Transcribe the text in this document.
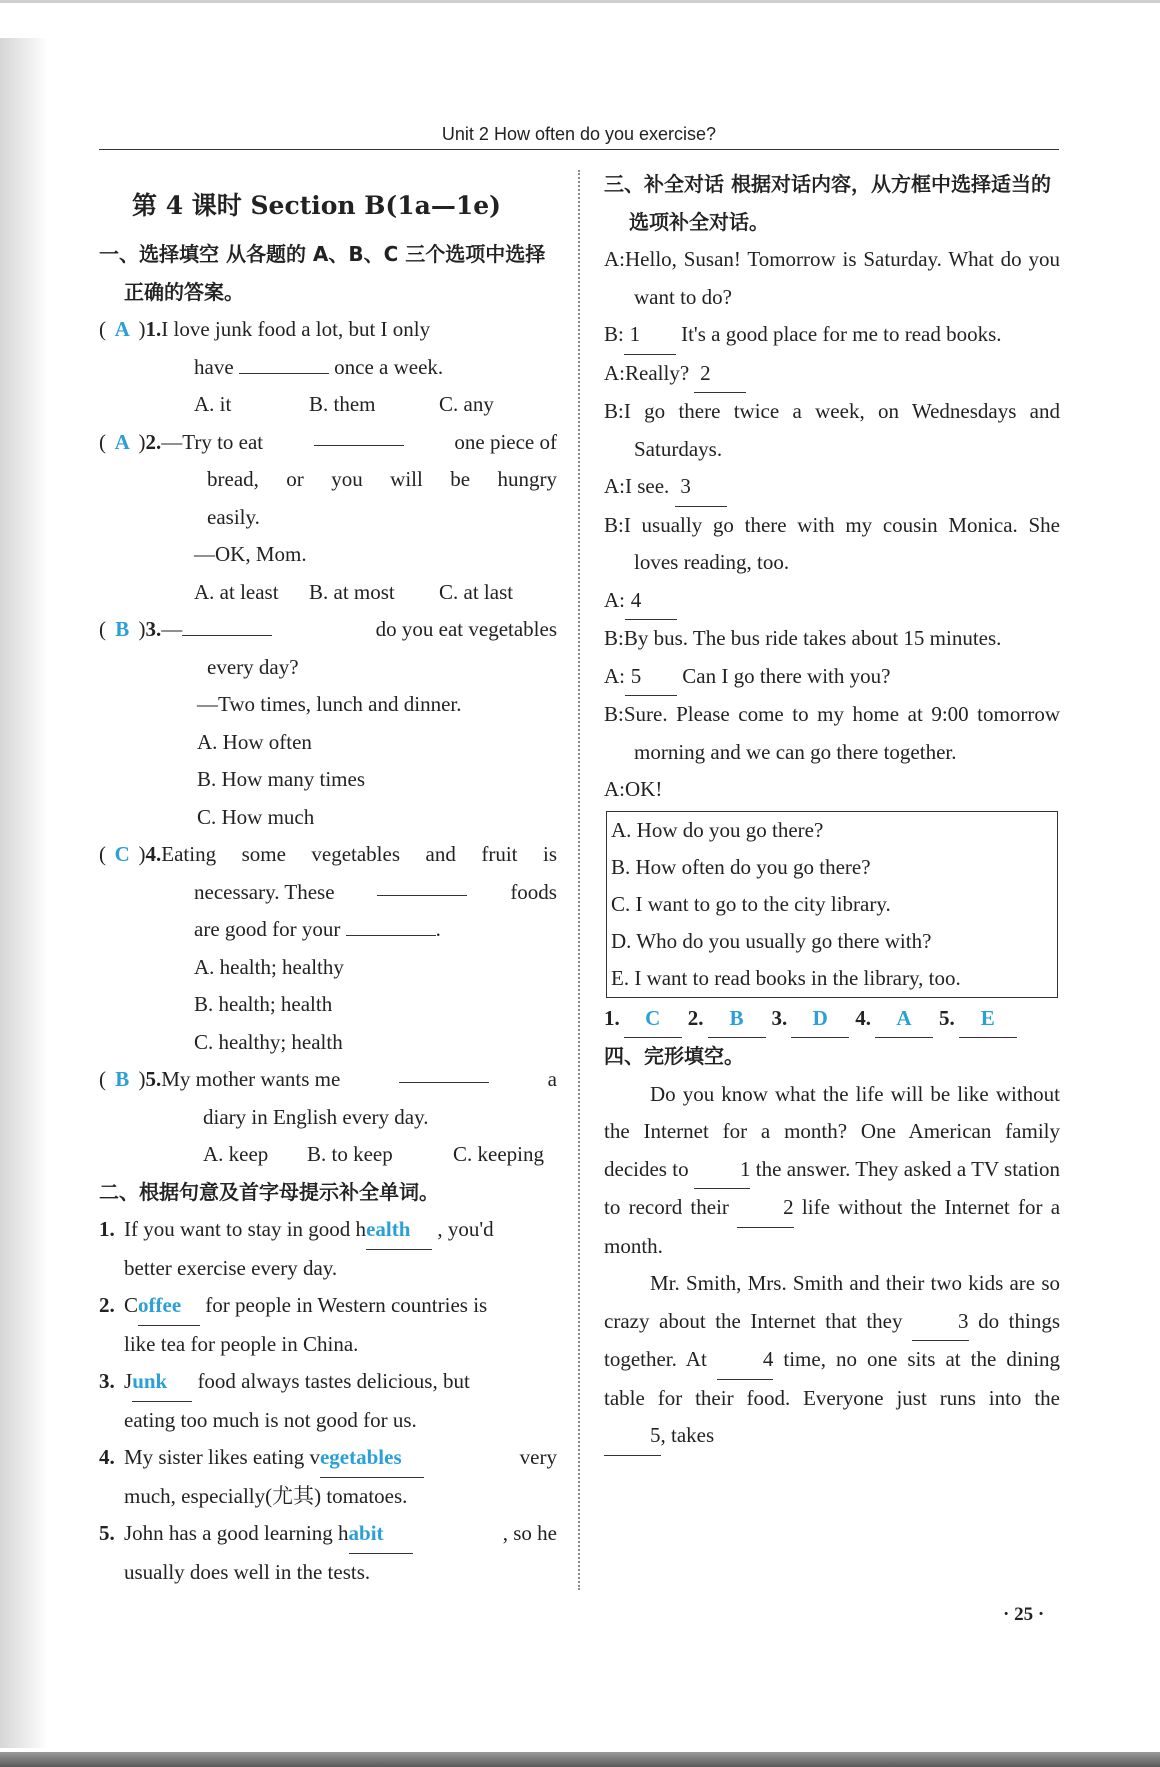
Unit 2 How often do you exercise?
第 4 课时 Section B(1a—1e)
一、选择填空 从各题的 A、B、C 三个选项中选择正确的答案。
( A )1. I love junk food a lot, but I only
have	once a week.
A. it	B. them	C. any
( A )2. —Try to eat	one piece of
bread, or you will be hungry
easily.
—OK, Mom.
A. at least	B. at most	C. at last
( B )3. —	do you eat vegetables
every day?
—Two times, lunch and dinner.
A. How often
B. How many times
C. How much
( C )4. Eating some vegetables and fruit is
necessary. These	foods
are good for your	.
A. health; healthy
B. health; health
C. healthy; health
( B )5. My mother wants me	a
diary in English every day.
A. keep	B. to keep	C. keeping
二、根据句意及首字母提示补全单词。
1. If you want to stay in good health , you'd
better exercise every day.
2. Coffee for people in Western countries is
like tea for people in China.
3. Junk food always tastes delicious, but
eating too much is not good for us.
4. My sister likes eating vegetables	very
much, especially(尤其) tomatoes.
5. John has a good learning habit	, so he
usually does well in the tests.
三、补全对话 根据对话内容，从方框中选择适当的选项补全对话。
A:Hello, Susan! Tomorrow is Saturday. What do you want to do?
B: 1 It's a good place for me to read books.
A:Really? 2
B:I go there twice a week, on Wednesdays and Saturdays.
A:I see. 3
B:I usually go there with my cousin Monica. She loves reading, too.
A: 4
B:By bus. The bus ride takes about 15 minutes.
A: 5 Can I go there with you?
B:Sure. Please come to my home at 9:00 tomorrow morning and we can go there together.
A:OK!
A. How do you go there?
B. How often do you go there?
C. I want to go to the city library.
D. Who do you usually go there with?
E. I want to read books in the library, too.
1.	C	2.	B	3.	D	4.	A	5.	E
四、完形填空。
Do you know what the life will be like without the Internet for a month? One American family decides to 1 the answer. They asked a TV station to record their	2 life without the Internet for a month.
Mr. Smith, Mrs. Smith and their two kids are so crazy about the Internet that they	3 do things together. At	4 time, no one sits at the dining table for their food. Everyone just runs into the 5, takes
· 25 ·
